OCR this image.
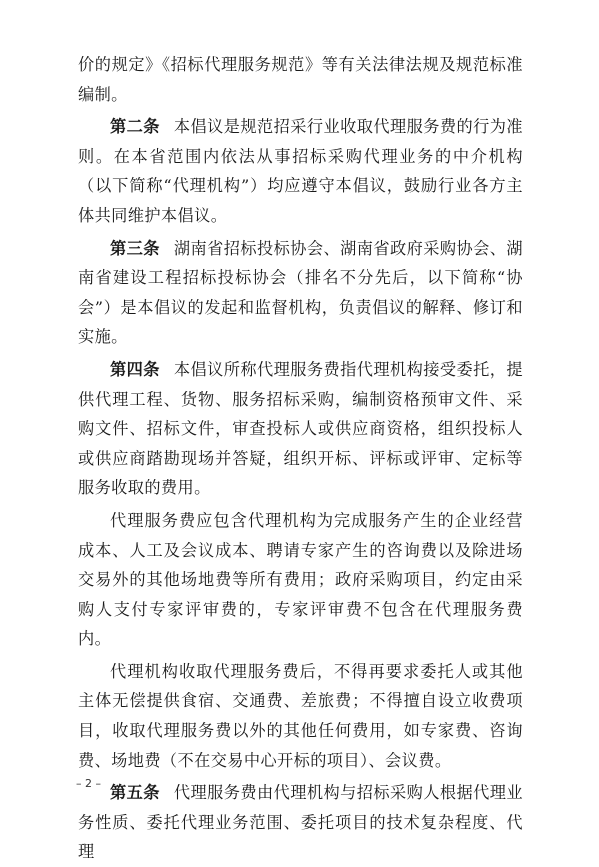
价的规定》《招标代理服务规范》等有关法律法规及规范标准编制。

第二条 本倡议是规范招采行业收取代理服务费的行为准则。在本省范围内依法从事招标采购代理业务的中介机构（以下简称“代理机构”）均应遵守本倡议，鼓励行业各方主体共同维护本倡议。

第三条 湖南省招标投标协会、湖南省政府采购协会、湖南省建设工程招标投标协会（排名不分先后，以下简称“协会”）是本倡议的发起和监督机构，负责倡议的解释、修订和实施。

第四条 本倡议所称代理服务费指代理机构接受委托，提供代理工程、货物、服务招标采购，编制资格预审文件、采购文件、招标文件，审查投标人或供应商资格，组织投标人或供应商踏勘现场并答疑，组织开标、评标或评审、定标等服务收取的费用。

代理服务费应包含代理机构为完成服务产生的企业经营成本、人工及会议成本、聘请专家产生的咨询费以及除进场交易外的其他场地费等所有费用；政府采购项目，约定由采购人支付专家评审费的，专家评审费不包含在代理服务费内。

代理机构收取代理服务费后，不得再要求委托人或其他主体无偿提供食宿、交通费、差旅费；不得擅自设立收费项目，收取代理服务费以外的其他任何费用，如专家费、咨询费、场地费（不在交易中心开标的项目）、会议费。

第五条 代理服务费由代理机构与招标采购人根据代理业务性质、委托代理业务范围、委托项目的技术复杂程度、代理

– 2 –
